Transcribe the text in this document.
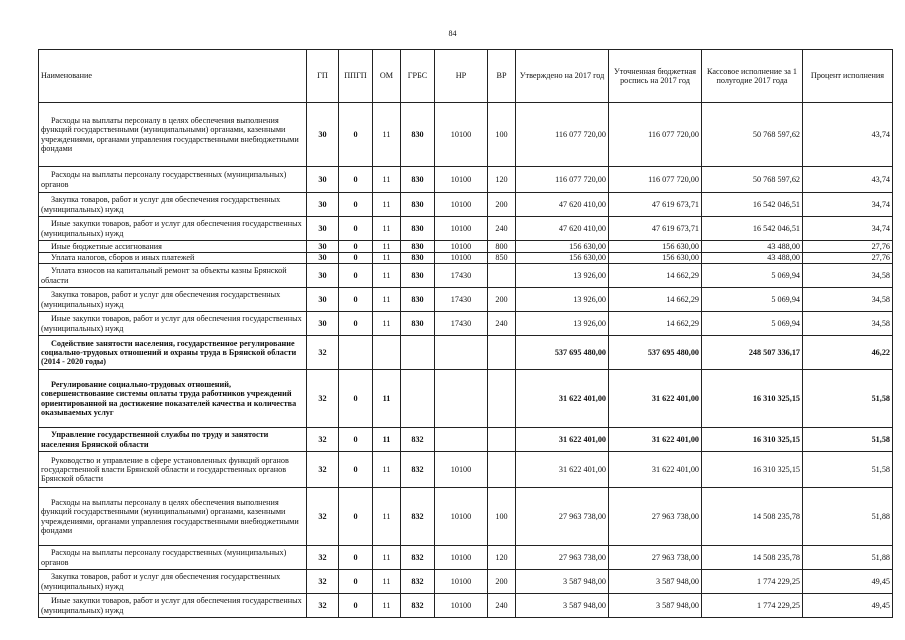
84
Наименование	ГП	ППГП	ОМ	ГРБС	НР	ВР	Утверждено на 2017 год	Уточненная бюджетная роспись на 2017 год	Кассовое исполнение за 1 полугодие 2017 года	Процент исполнения
Расходы на выплаты персоналу в целях обеспечения выполнения функций государственными (муниципальными) органами, казенными учреждениями, органами управления государственными внебюджетными фондами	30	0	11	830	10100	100	116 077 720,00	116 077 720,00	50 768 597,62	43,74
Расходы на выплаты персоналу государственных (муниципальных) органов	30	0	11	830	10100	120	116 077 720,00	116 077 720,00	50 768 597,62	43,74
Закупка товаров, работ и услуг для обеспечения государственных (муниципальных) нужд	30	0	11	830	10100	200	47 620 410,00	47 619 673,71	16 542 046,51	34,74
Иные закупки товаров, работ и услуг для обеспечения государственных (муниципальных) нужд	30	0	11	830	10100	240	47 620 410,00	47 619 673,71	16 542 046,51	34,74
Иные бюджетные ассигнования	30	0	11	830	10100	800	156 630,00	156 630,00	43 488,00	27,76
Уплата налогов, сборов и иных платежей	30	0	11	830	10100	850	156 630,00	156 630,00	43 488,00	27,76
Уплата взносов на капитальный ремонт за объекты казны Брянской области	30	0	11	830	17430		13 926,00	14 662,29	5 069,94	34,58
Закупка товаров, работ и услуг для обеспечения государственных (муниципальных) нужд	30	0	11	830	17430	200	13 926,00	14 662,29	5 069,94	34,58
Иные закупки товаров, работ и услуг для обеспечения государственных (муниципальных) нужд	30	0	11	830	17430	240	13 926,00	14 662,29	5 069,94	34,58
Содействие занятости населения, государственное регулирование социально-трудовых отношений и охраны труда в Брянской области (2014 - 2020 годы)	32						537 695 480,00	537 695 480,00	248 507 336,17	46,22
Регулирование социально-трудовых отношений, совершенствование системы оплаты труда работников учреждений ориентированной на достижение показателей качества и количества оказываемых услуг	32	0	11				31 622 401,00	31 622 401,00	16 310 325,15	51,58
Управление государственной службы по труду и занятости населения Брянской области	32	0	11	832			31 622 401,00	31 622 401,00	16 310 325,15	51,58
Руководство и управление в сфере установленных функций органов государственной власти Брянской области и государственных органов Брянской области	32	0	11	832	10100		31 622 401,00	31 622 401,00	16 310 325,15	51,58
Расходы на выплаты персоналу в целях обеспечения выполнения функций государственными (муниципальными) органами, казенными учреждениями, органами управления государственными внебюджетными фондами	32	0	11	832	10100	100	27 963 738,00	27 963 738,00	14 508 235,78	51,88
Расходы на выплаты персоналу государственных (муниципальных) органов	32	0	11	832	10100	120	27 963 738,00	27 963 738,00	14 508 235,78	51,88
Закупка товаров, работ и услуг для обеспечения государственных (муниципальных) нужд	32	0	11	832	10100	200	3 587 948,00	3 587 948,00	1 774 229,25	49,45
Иные закупки товаров, работ и услуг для обеспечения государственных (муниципальных) нужд	32	0	11	832	10100	240	3 587 948,00	3 587 948,00	1 774 229,25	49,45
